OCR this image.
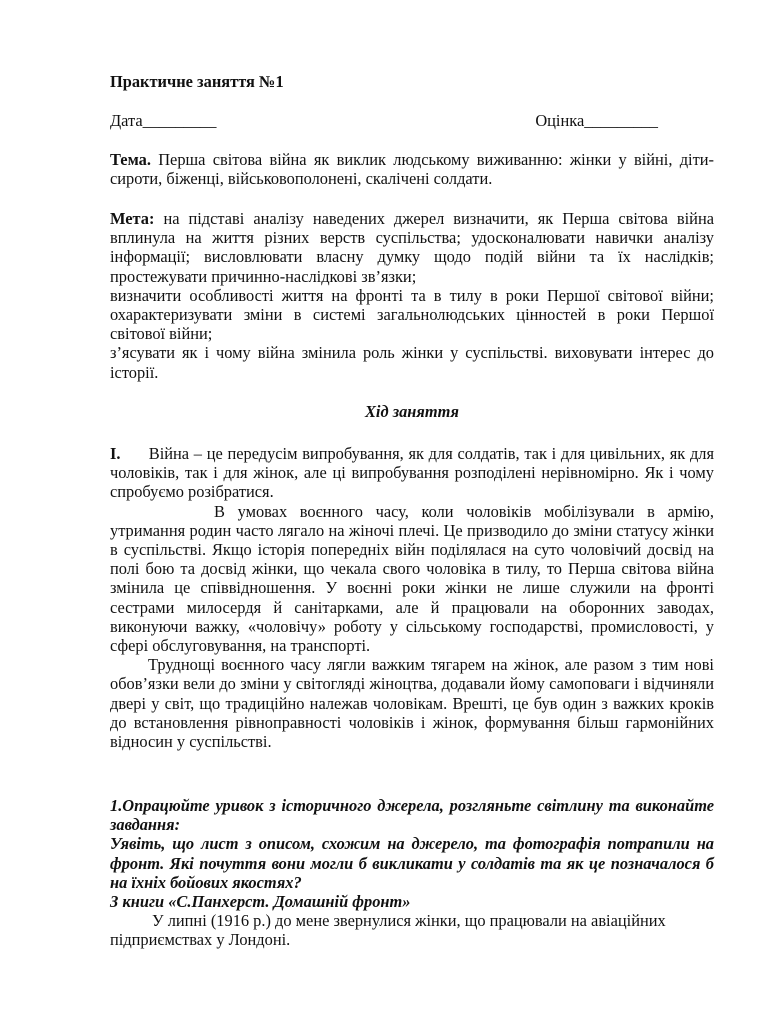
Практичне заняття №1
Дата_________	Оцінка_________

Тема. Перша світова війна як виклик людському виживанню: жінки у війні, діти-сироти, біженці, військовополонені, скалічені солдати.

Мета: на підставі аналізу наведених джерел визначити, як Перша світова війна вплинула на життя різних верств суспільства; удосконалювати навички аналізу інформації; висловлювати власну думку щодо подій війни та їх наслідків; простежувати причинно-наслідкові зв’язки;

визначити особливості життя на фронті та в тилу в роки Першої світової війни; охарактеризувати зміни в системі загальнолюдських цінностей в роки Першої світової війни;

з’ясувати як і чому війна змінила роль жінки у суспільстві. виховувати інтерес до історії.

Хід заняття

I. Війна – це передусім випробування, як для солдатів, так і для цивільних, як для чоловіків, так і для жінок, але ці випробування розподілені нерівномірно. Як і чому спробуємо розібратися.

В умовах воєнного часу, коли чоловіків мобілізували в армію, утримання родин часто лягало на жіночі плечі. Це призводило до зміни статусу жінки в суспільстві. Якщо історія попередніх війн поділялася на суто чоловічий досвід на полі бою та досвід жінки, що чекала свого чоловіка в тилу, то Перша світова війна змінила це співвідношення. У воєнні роки жінки не лише служили на фронті сестрами милосердя й санітарками, але й працювали на оборонних заводах, виконуючи важку, «чоловічу» роботу у сільському господарстві, промисловості, у сфері обслуговування, на транспорті.

Труднощі воєнного часу лягли важким тягарем на жінок, але разом з тим нові обов’язки вели до зміни у світогляді жіноцтва, додавали йому самоповаги і відчиняли двері у світ, що традиційно належав чоловікам. Врешті, це був один з важких кроків до встановлення рівноправності чоловіків і жінок, формування більш гармонійних відносин у суспільстві.

1.Опрацюйте уривок з історичного джерела, розгляньте світлину та виконайте завдання:

Уявіть, що лист з описом, схожим на джерело, та фотографія потрапили на фронт. Які почуття вони могли б викликати у солдатів та як це позначалося б на їхніх бойових якостях?

З книги «С.Панхерст. Домашній фронт»

У липні (1916 р.) до мене звернулися жінки, що працювали на авіаційних підприємствах у Лондоні.
